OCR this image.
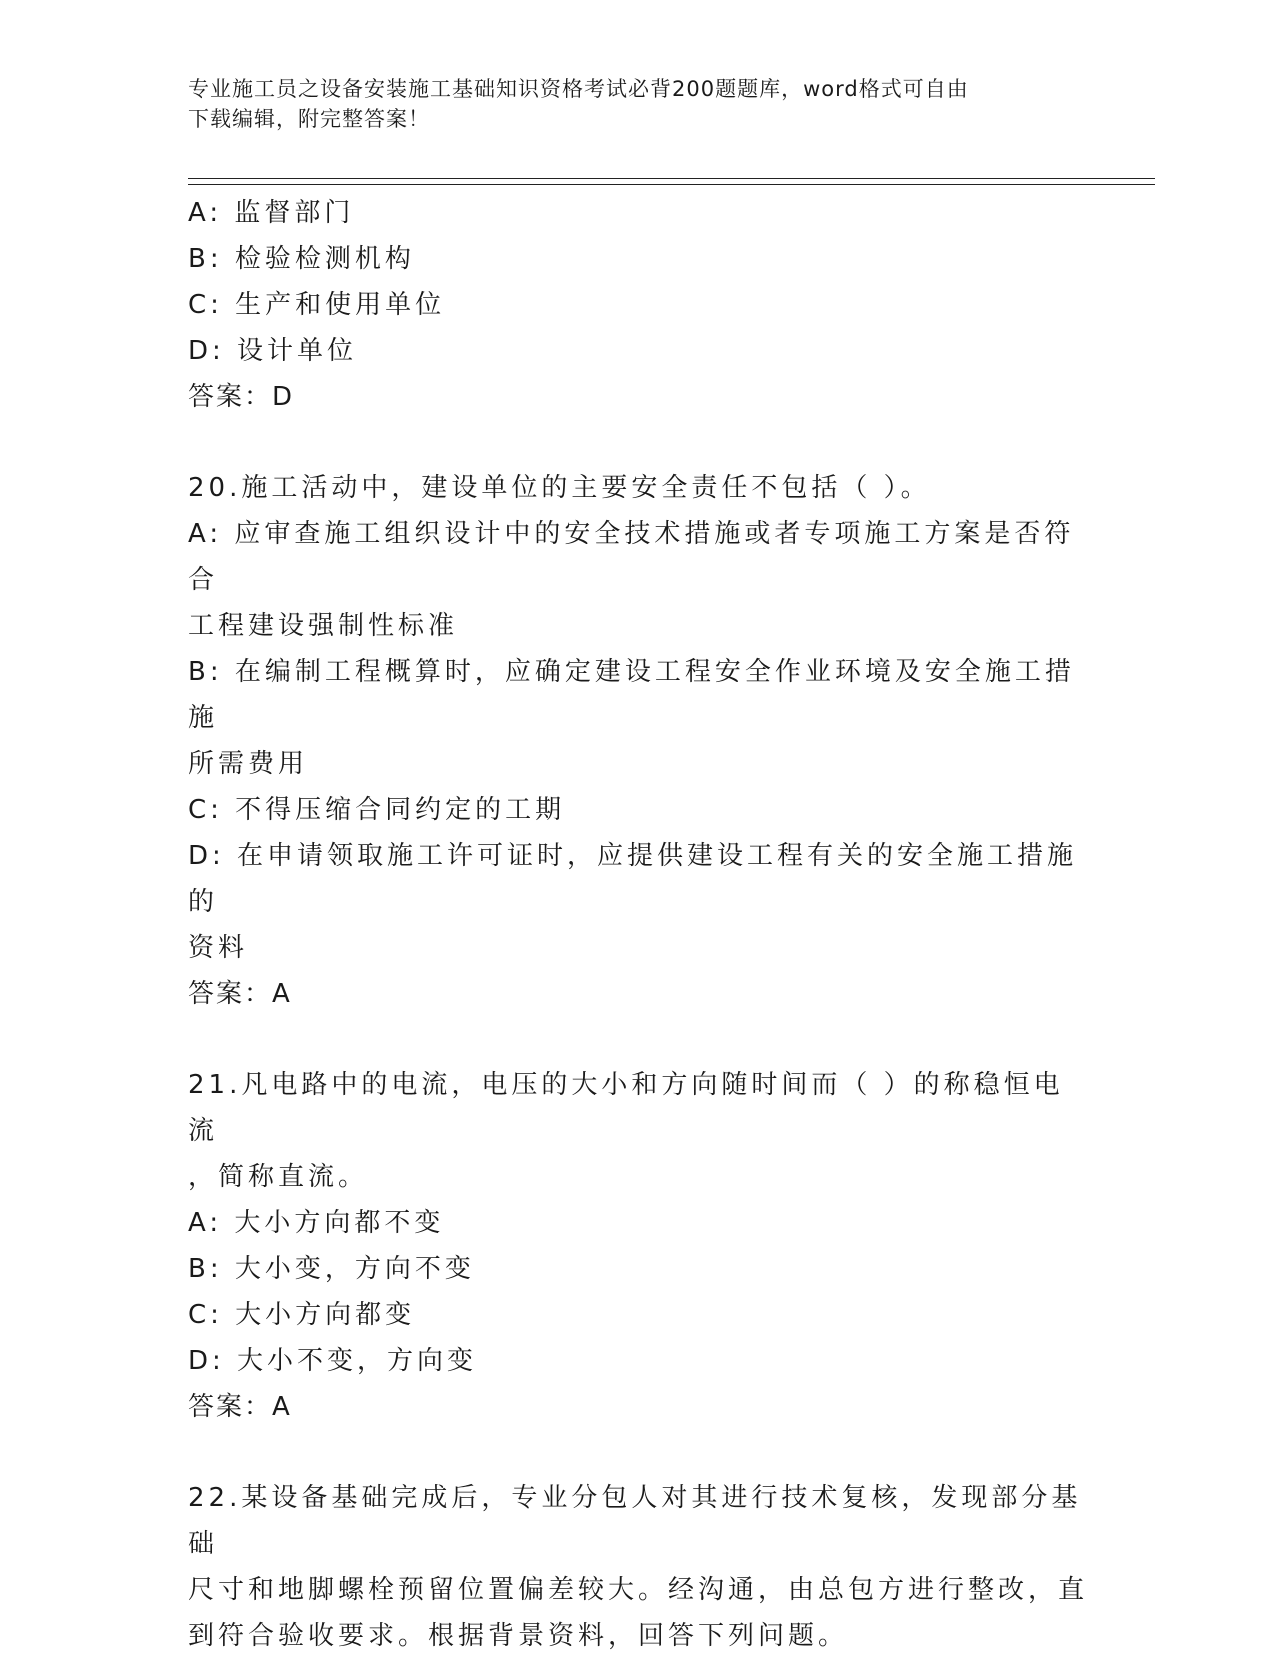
专业施工员之设备安装施工基础知识资格考试必背200题题库，word格式可自由
下载编辑，附完整答案！
A: 监督部门
B: 检验检测机构
C: 生产和使用单位
D: 设计单位
答案：D
20.施工活动中，建设单位的主要安全责任不包括（ ）。
A: 应审查施工组织设计中的安全技术措施或者专项施工方案是否符合
工程建设强制性标准
B: 在编制工程概算时，应确定建设工程安全作业环境及安全施工措施
所需费用
C: 不得压缩合同约定的工期
D: 在申请领取施工许可证时，应提供建设工程有关的安全施工措施的
资料
答案：A
21.凡电路中的电流，电压的大小和方向随时间而（ ）的称稳恒电流
，简称直流。
A: 大小方向都不变
B: 大小变，方向不变
C: 大小方向都变
D: 大小不变，方向变
答案：A
22.某设备基础完成后，专业分包人对其进行技术复核，发现部分基础
尺寸和地脚螺栓预留位置偏差较大。经沟通，由总包方进行整改，直
到符合验收要求。根据背景资料，回答下列问题。
